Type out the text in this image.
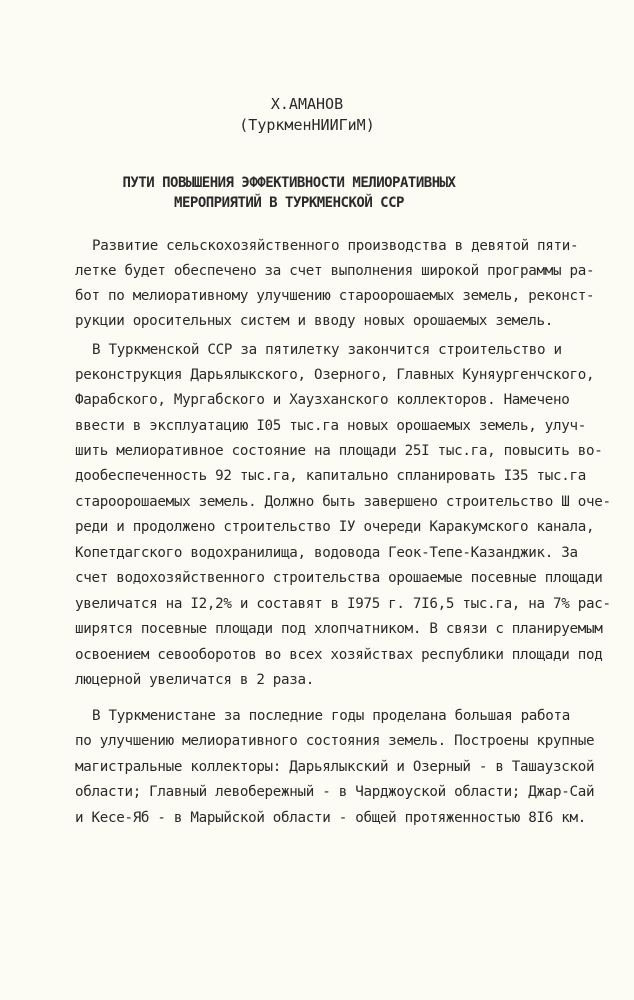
Х.АМАНОВ
(ТуркменНИИГиМ)
ПУТИ ПОВЫШЕНИЯ ЭФФЕКТИВНОСТИ МЕЛИОРАТИВНЫХ
МЕРОПРИЯТИЙ В ТУРКМЕНСКОЙ ССР
Развитие сельскохозяйственного производства в девятой пяти-
летке будет обеспечено за счет выполнения широкой программы ра-
бот по мелиоративному улучшению староорошаемых земель, реконст-
рукции оросительных систем и вводу новых орошаемых земель.
В Туркменской ССР за пятилетку закончится строительство и
реконструкция Дарьялыкского, Озерного, Главных Куняургенчского,
Фарабского, Мургабского и Хаузханского коллекторов. Намечено
ввести в эксплуатацию I05 тыс.га новых орошаемых земель, улуч-
шить мелиоративное состояние на площади 25I тыс.га, повысить во-
дообеспеченность 92 тыс.га, капитально спланировать I35 тыс.га
староорошаемых земель. Должно быть завершено строительство Ш оче-
реди и продолжено строительство IУ очереди Каракумского канала,
Копетдагского водохранилища, водовода Геок-Тепе-Казанджик. За
счет водохозяйственного строительства орошаемые посевные площади
увеличатся на I2,2% и составят в I975 г. 7I6,5 тыс.га, на 7% рас-
ширятся посевные площади под хлопчатником. В связи с планируемым
освоением севооборотов во всех хозяйствах республики площади под
люцерной увеличатся в 2 раза.
В Туркменистане за последние годы проделана большая работа
по улучшению мелиоративного состояния земель. Построены крупные
магистральные коллекторы: Дарьялыкский и Озерный - в Ташаузской
области; Главный левобережный - в Чарджоуской области; Джар-Сай
и Кесе-Яб - в Марыйской области - общей протяженностью 8I6 км.
